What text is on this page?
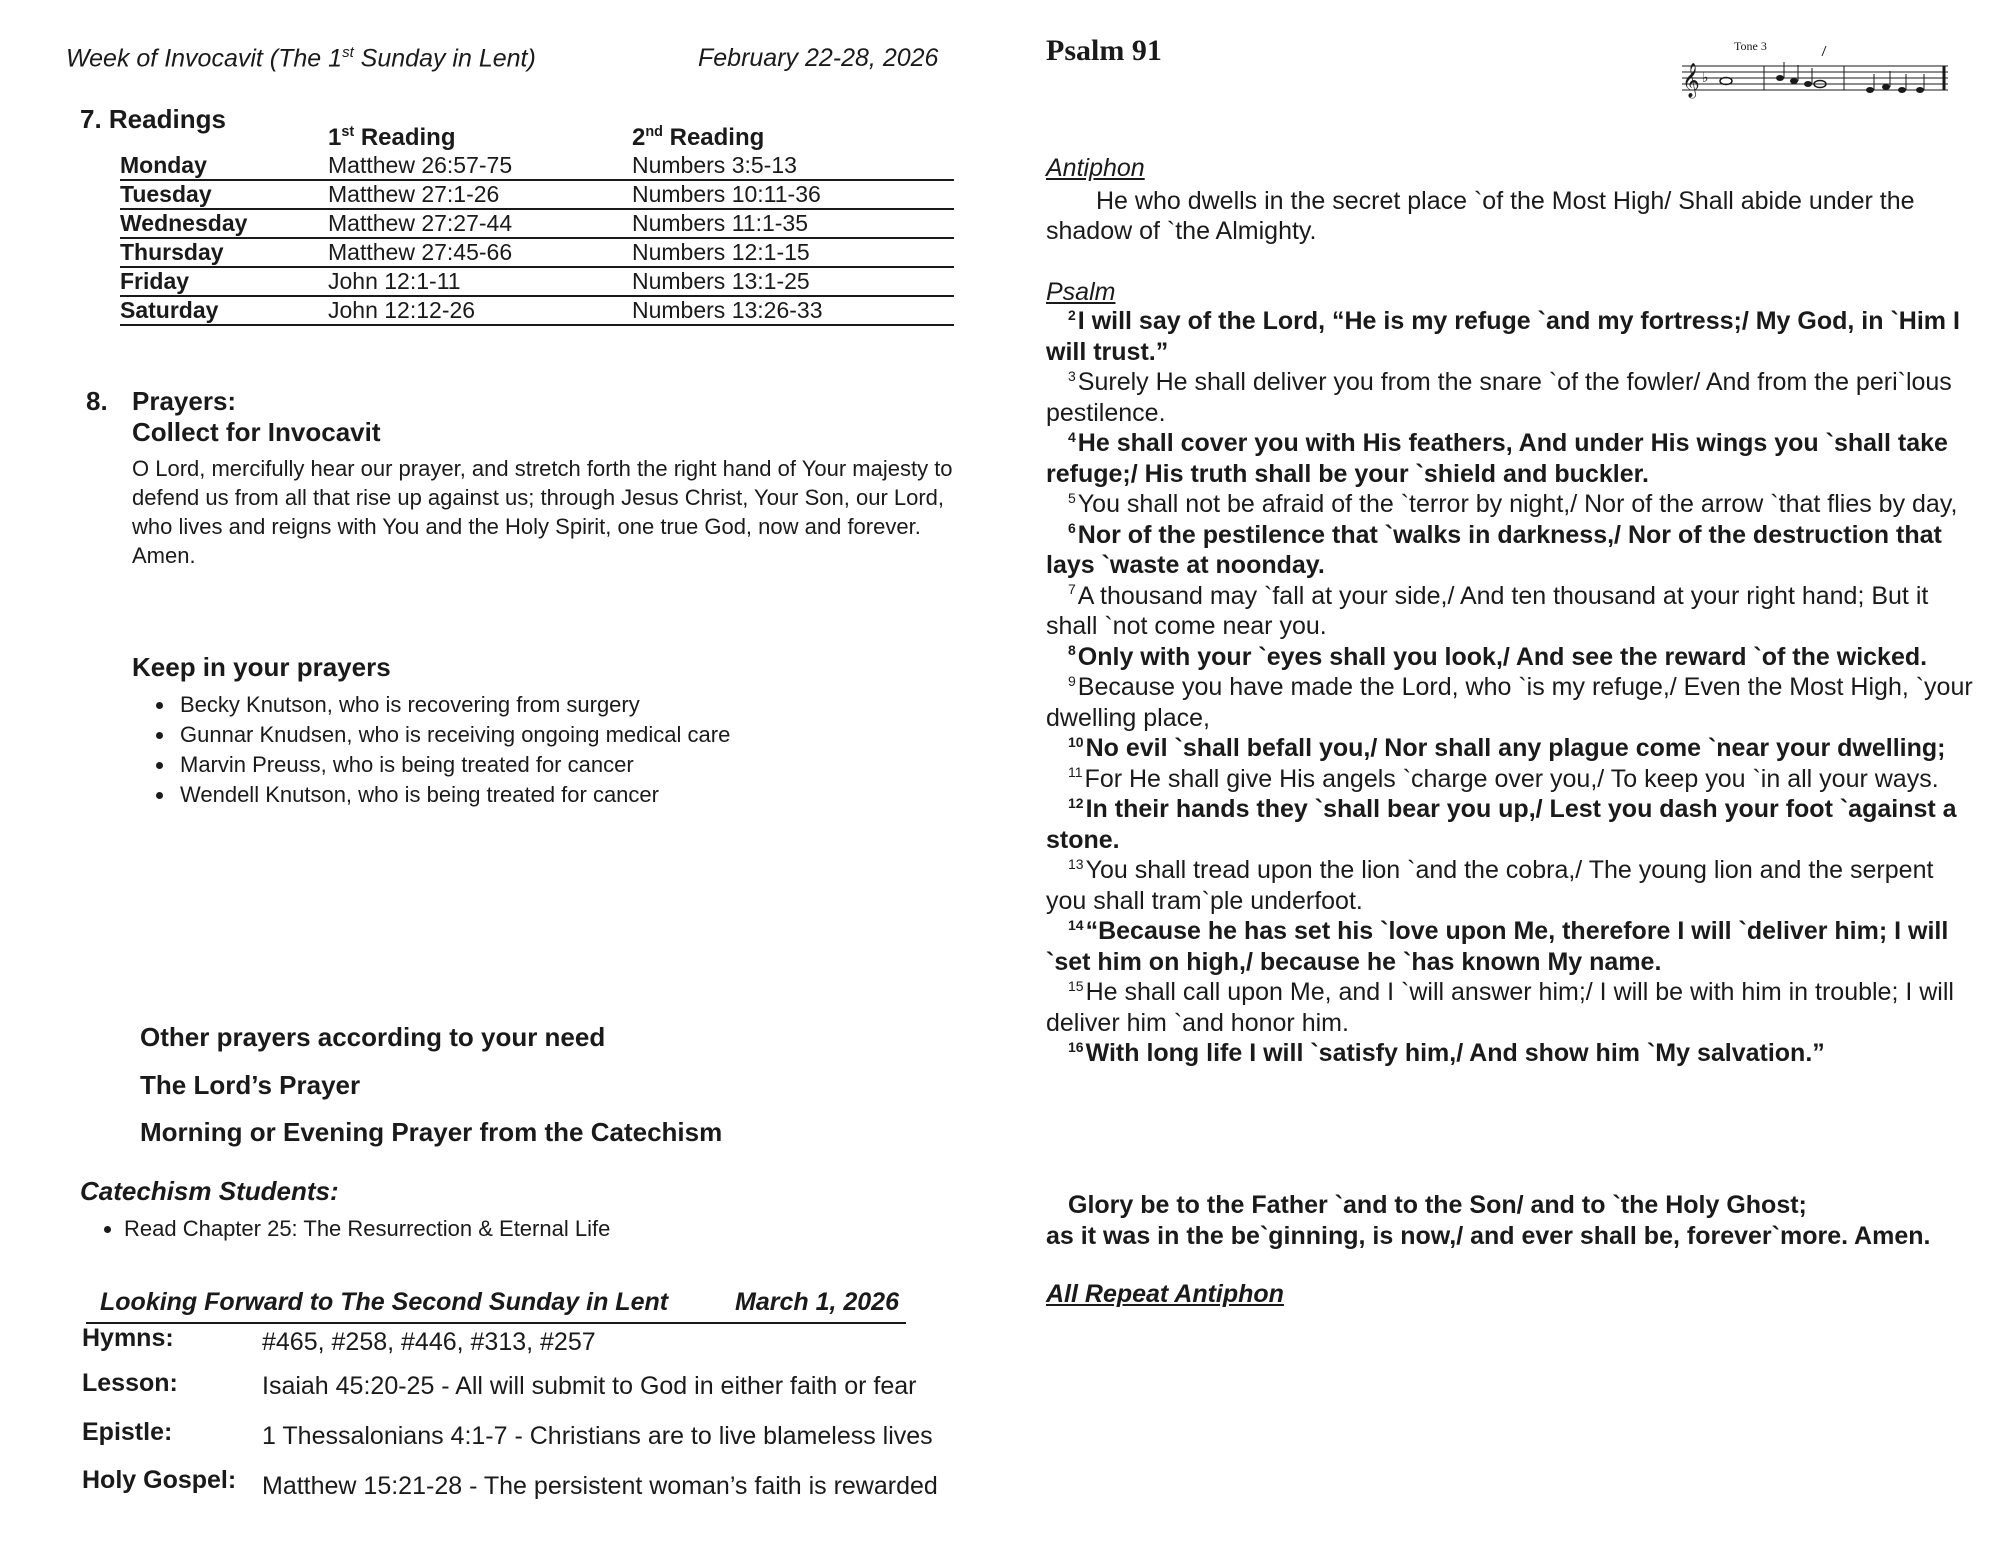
Week of Invocavit (The 1st Sunday in Lent)	February 22-28, 2026
7. Readings
	1st Reading	2nd Reading
Monday	Matthew 26:57-75	Numbers 3:5-13
Tuesday	Matthew 27:1-26	Numbers 10:11-36
Wednesday	Matthew 27:27-44	Numbers 11:1-35
Thursday	Matthew 27:45-66	Numbers 12:1-15
Friday	John 12:1-11	Numbers 13:1-25
Saturday	John 12:12-26	Numbers 13:26-33
8. Prayers:
Collect for Invocavit
O Lord, mercifully hear our prayer, and stretch forth the right hand of Your majesty to defend us from all that rise up against us; through Jesus Christ, Your Son, our Lord, who lives and reigns with You and the Holy Spirit, one true God, now and forever. Amen.
Keep in your prayers
• Becky Knutson, who is recovering from surgery
• Gunnar Knudsen, who is receiving ongoing medical care
• Marvin Preuss, who is being treated for cancer
• Wendell Knutson, who is being treated for cancer
Other prayers according to your need
The Lord’s Prayer
Morning or Evening Prayer from the Catechism
Catechism Students:
• Read Chapter 25: The Resurrection & Eternal Life
Looking Forward to The Second Sunday in Lent	March 1, 2026
Hymns:	#465, #258, #446, #313, #257
Lesson:	Isaiah 45:20-25 - All will submit to God in either faith or fear
Epistle:	1 Thessalonians 4:1-7 - Christians are to live blameless lives
Holy Gospel: Matthew 15:21-28 - The persistent woman’s faith is rewarded
Psalm 91	Tone 3
𝄞 ♭
Antiphon
He who dwells in the secret place `of the Most High/ Shall abide under the shadow of `the Almighty.
Psalm

$^2$I will say of the Lord, “He is my refuge `and my fortress;/ My God, in `Him I will trust.”

$^3$Surely He shall deliver you from the snare `of the fowler/ And from the peri`lous pestilence.

$^4$He shall cover you with His feathers, And under His wings you `shall take refuge;/ His truth shall be your `shield and buckler.

$^5$You shall not be afraid of the `terror by night,/ Nor of the arrow `that flies by day,

$^6$Nor of the pestilence that `walks in darkness,/ Nor of the destruction that lays `waste at noonday.

$^7$A thousand may `fall at your side,/ And ten thousand at your right hand; But it shall `not come near you.

$^8$Only with your `eyes shall you look,/ And see the reward `of the wicked.

$^9$Because you have made the Lord, who `is my refuge,/ Even the Most High, `your dwelling place,

$^{10}$No evil `shall befall you,/ Nor shall any plague come `near your dwelling;

$^{11}$For He shall give His angels `charge over you,/ To keep you `in all your ways.

$^{12}$In their hands they `shall bear you up,/ Lest you dash your foot `against a stone.

$^{13}$You shall tread upon the lion `and the cobra,/ The young lion and the serpent you shall tram`ple underfoot.

$^{14}$“Because he has set his `love upon Me, therefore I will `deliver him; I will `set him on high,/ because he `has known My name.

$^{15}$He shall call upon Me, and I `will answer him;/ I will be with him in trouble; I will deliver him `and honor him.

$^{16}$With long life I will `satisfy him,/ And show him `My salvation.”

Glory be to the Father `and to the Son/ and to `the Holy Ghost;
as it was in the be`ginning, is now,/ and ever shall be, forever`more. Amen.
All Repeat Antiphon
